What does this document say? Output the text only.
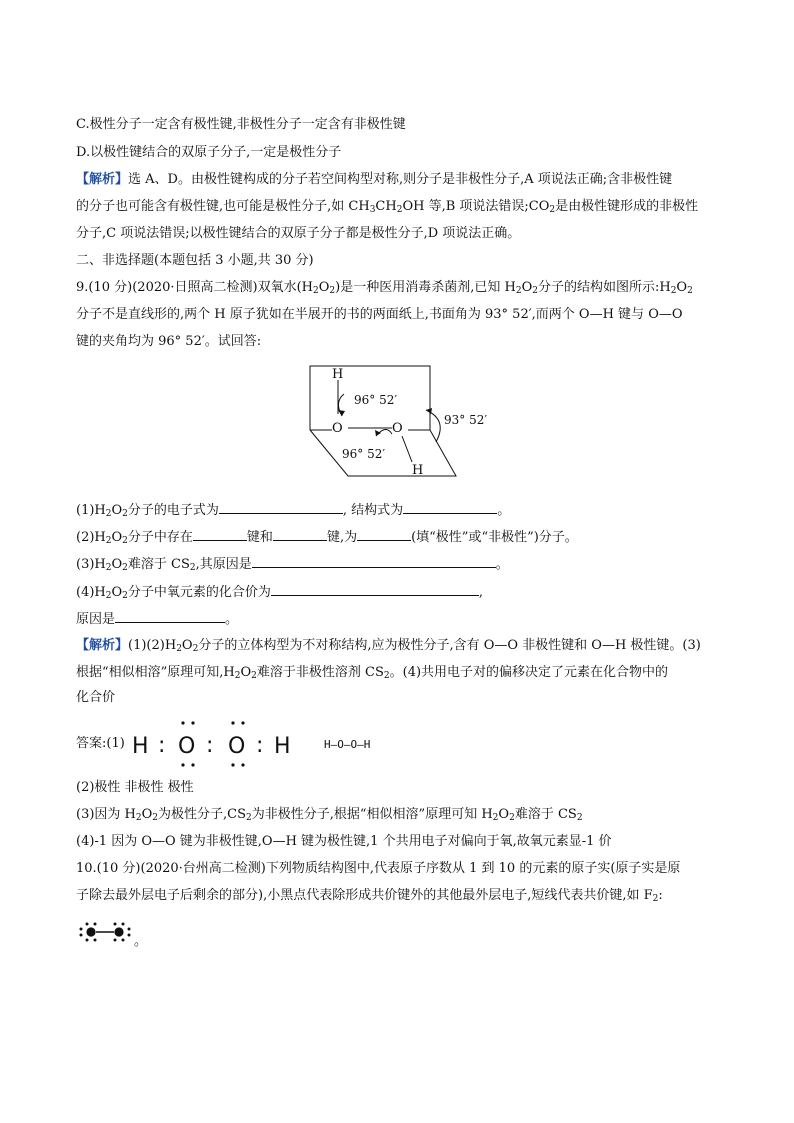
C.极性分子一定含有极性键,非极性分子一定含有非极性键
D.以极性键结合的双原子分子,一定是极性分子
【解析】选 A、D。由极性键构成的分子若空间构型对称,则分子是非极性分子,A 项说法正确;含非极性键
的分子也可能含有极性键,也可能是极性分子,如 $CH_3CH_2OH$ 等,B 项说法错误$;CO_2$是由极性键形成的非极性
分子,C 项说法错误;以极性键结合的双原子分子都是极性分子,D 项说法正确。
二、非选择题(本题包括 3 小题,共 30 分)
9.(10 分)(2020·日照高二检测)双氧水$(H_2O_2)$是一种医用消毒杀菌剂,已知 $H_2O_2$分子的结构如图所示$:H_2O_2$
分子不是直线形的,两个 H 原子犹如在半展开的书的两面纸上,书面角为 93° 52′,而两个 O—H 键与 O—O
键的夹角均为 96° 52′。试回答:
H
O	O
H
96° 52′
96° 52′
93° 52′
$(1)H_2O_2$分子的电子式为	, 结构式为	。
$(2)H_2O_2$分子中存在	键和	键,为	(填“极性”或“非极性”)分子。
$(3)H_2O_2$难溶于 $CS_2$,其原因是	。
$(4)H_2O_2$分子中氧元素的化合价为	,
原因是	。
【解析】$(1)(2)H_2O_2$分子的立体构型为不对称结构,应为极性分子,含有 O—O 非极性键和 O—H 极性键。(3)
根据“相似相溶”原理可知$,H_2O_2$难溶于非极性溶剂 $CS_2$。(4)共用电子对的偏移决定了元素在化合物中的
化合价
答案:(1) H : O : O : H	H—O—O—H
(2)极性 非极性 极性
(3)因为 $H_2O_2$为极性分子$,CS_2$为非极性分子,根据“相似相溶”原理可知 $H_2O_2$难溶于 $CS_2$
(4)-1 因为 O—O 键为非极性键,O—H 键为极性键,1 个共用电子对偏向于氧,故氧元素显-1 价
10.(10 分)(2020·台州高二检测)下列物质结构图中,代表原子序数从 1 到 10 的元素的原子实(原子实是原
子除去最外层电子后剩余的部分),小黑点代表除形成共价键外的其他最外层电子,短线代表共价键,如 $F_2$:
。
